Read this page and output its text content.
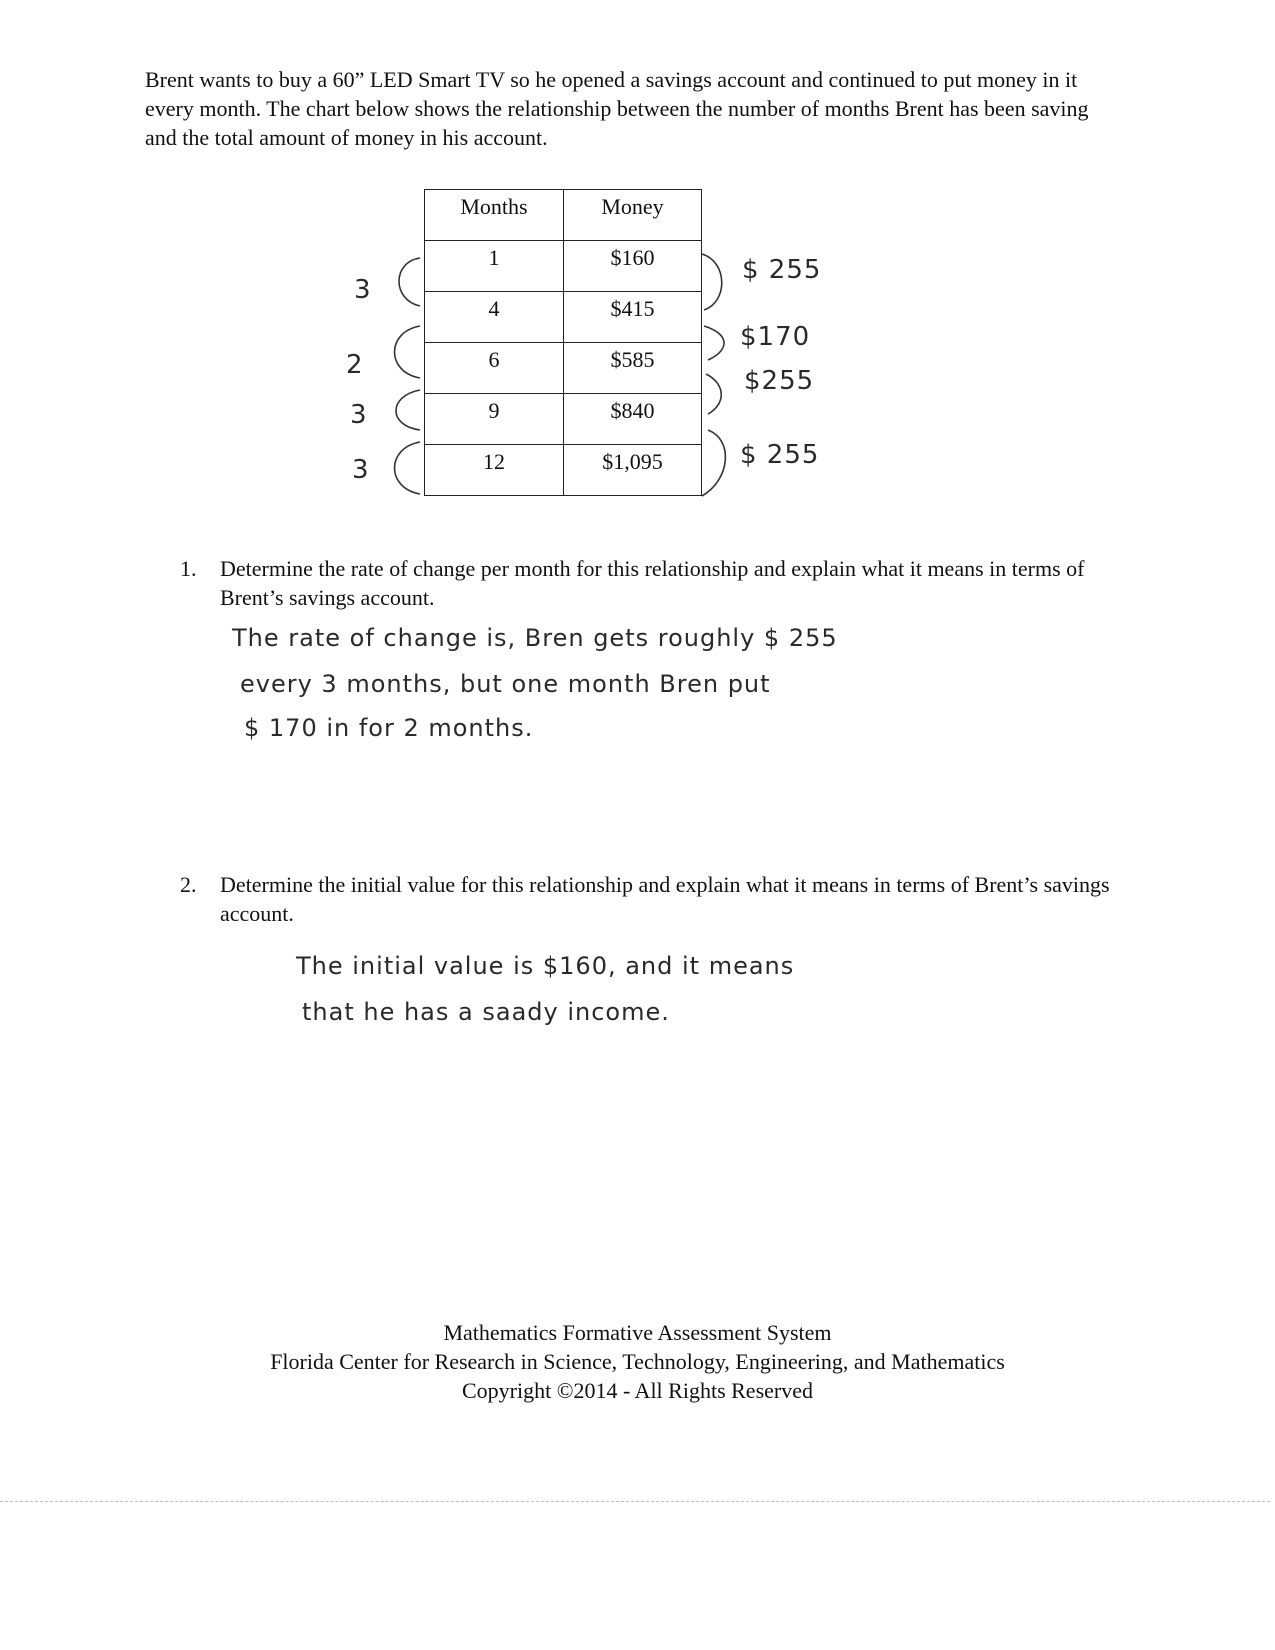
Brent wants to buy a 60” LED Smart TV so he opened a savings account and continued to put money in it every month. The chart below shows the relationship between the number of months Brent has been saving and the total amount of money in his account.
Months	Money
1	$160
4	$415
6	$585
9	$840
12	$1,095
3
2
3
3
$ 255
$170
$255
$ 255
1.	Determine the rate of change per month for this relationship and explain what it means in terms of Brent’s savings account.
The rate of change is, Bren gets roughly $ 255
every 3 months, but one month Bren put
$ 170 in for 2 months.
2.	Determine the initial value for this relationship and explain what it means in terms of Brent’s savings account.
The initial value is $160, and it means
that he has a saady income.
Mathematics Formative Assessment System
Florida Center for Research in Science, Technology, Engineering, and Mathematics
Copyright ©2014 - All Rights Reserved
